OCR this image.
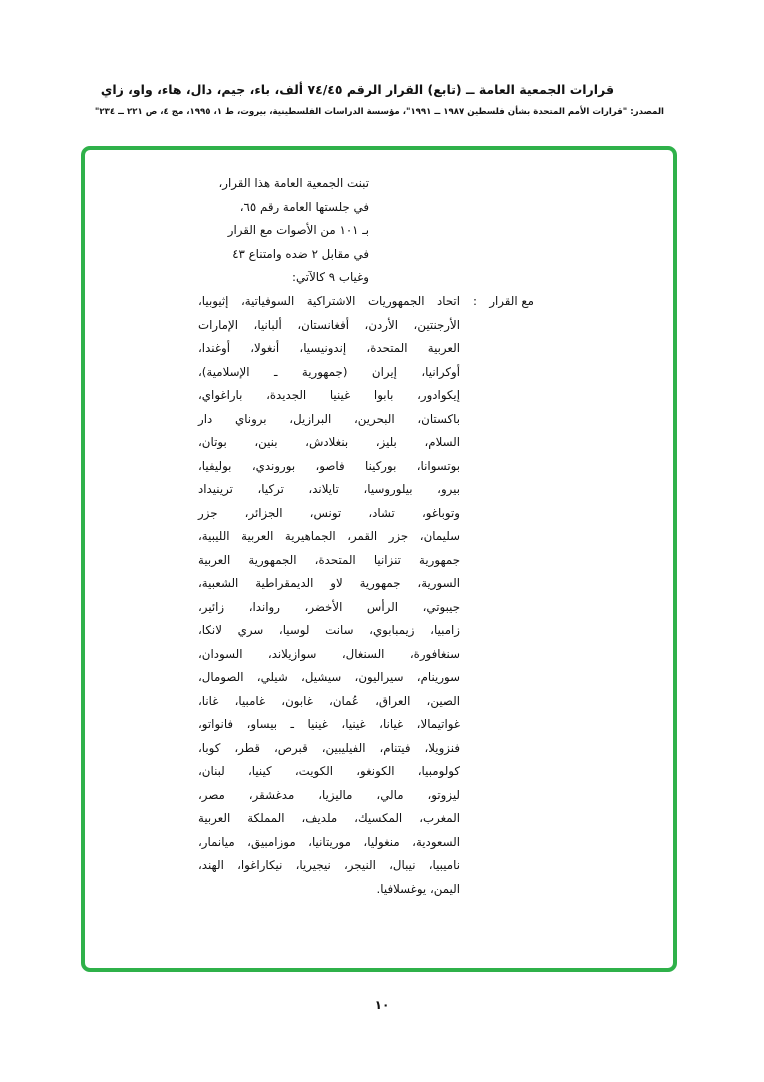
قرارات الجمعية العامة ــ (تابع) القرار الرقم ٧٤/٤٥ ألف، باء، جيم، دال، هاء، واو، زاي
المصدر: "قرارات الأمم المتحدة بشأن فلسطين ١٩٨٧ ــ ١٩٩١"، مؤسسة الدراسات الفلسطينية، بيروت، ط ١، ١٩٩٥، مج ٤، ص ٢٢١ ــ ٢٣٤"
تبنت الجمعية العامة هذا القرار،
في جلستها العامة رقم ٦٥،
بـ ١٠١ من الأصوات مع القرار
في مقابل ٢ ضده وامتناع ٤٣
وغياب ٩ كالآتي:
مع القرار
:
اتحاد الجمهوريات الاشتراكية السوفياتية، إثيوبيا،
الأرجنتين، الأردن، أفغانستان، ألبانيا، الإمارات
العربية المتحدة، إندونيسيا، أنغولا، أوغندا،
أوكرانيا، إيران (جمهورية ـ الإسلامية)،
إيكوادور، بابوا غينيا الجديدة، باراغواي،
باكستان، البحرين، البرازيل، بروناي دار
السلام، بليز، بنغلادش، بنين، بوتان،
بوتسوانا، بوركينا فاصو، بوروندي، بوليفيا،
بيرو، بيلوروسيا، تايلاند، تركيا، ترينيداد
وتوباغو، تشاد، تونس، الجزائر، جزر
سليمان، جزر القمر، الجماهيرية العربية الليبية،
جمهورية تنزانيا المتحدة، الجمهورية العربية
السورية، جمهورية لاو الديمقراطية الشعبية،
جيبوتي، الرأس الأخضر، رواندا، زائير،
زامبيا، زيمبابوي، سانت لوسيا، سري لانكا،
سنغافورة، السنغال، سوازيلاند، السودان،
سورينام، سيراليون، سيشيل، شيلي، الصومال،
الصين، العراق، عُمان، غابون، غامبيا، غانا،
غواتيمالا، غيانا، غينيا، غينيا ـ بيساو، فانواتو،
فنزويلا، فيتنام، الفيليبين، قبرص، قطر، كوبا،
كولومبيا، الكونغو، الكويت، كينيا، لبنان،
ليزوتو، مالي، ماليزيا، مدغشقر، مصر،
المغرب، المكسيك، ملديف، المملكة العربية
السعودية، منغوليا، موريتانيا، موزامبيق، ميانمار،
ناميبيا، نيبال، النيجر، نيجيريا، نيكاراغوا، الهند،
اليمن، يوغسلافيا.
١٠
